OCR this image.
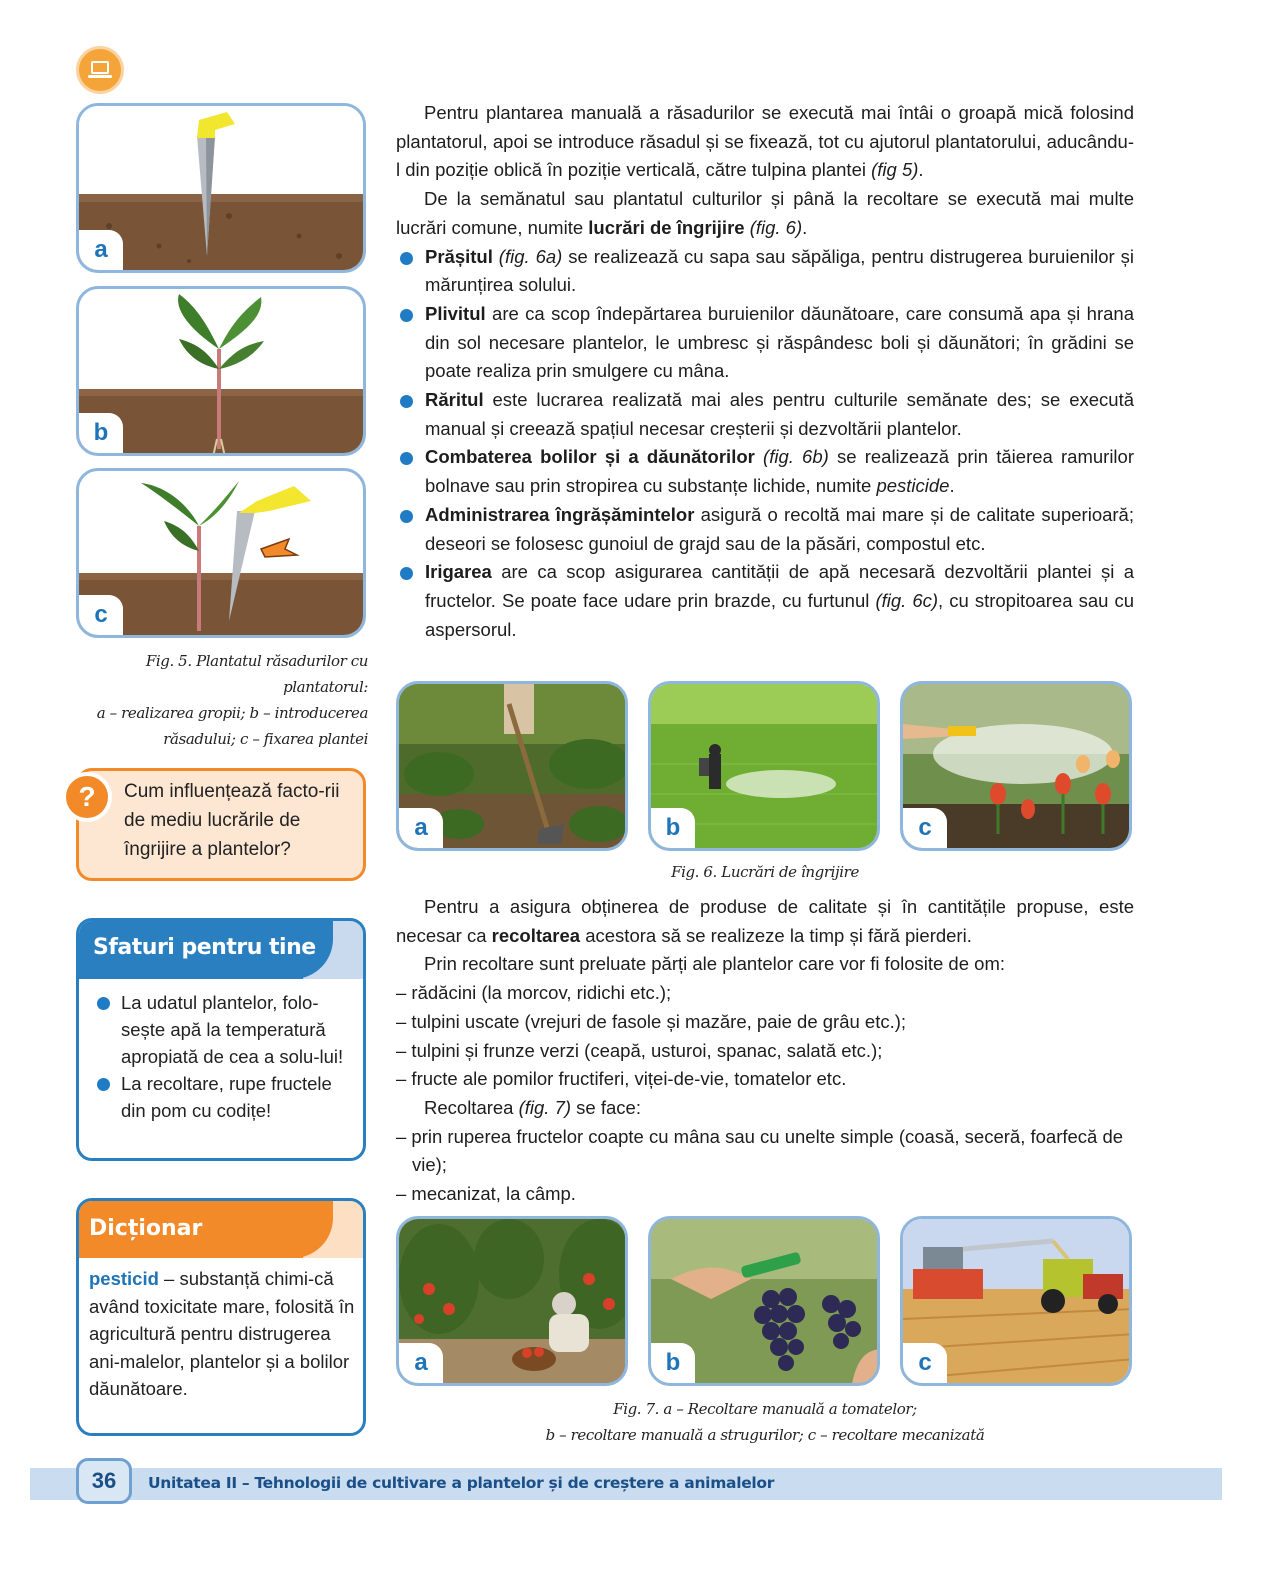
a
b
c
Fig. 5. Plantatul răsadurilor cu plantatorul:
a – realizarea gropii; b – introducerea
răsadului; c – fixarea plantei
?	Cum influențează facto-rii de mediu lucrările de îngrijire a plantelor?
Sfaturi pentru tine
La udatul plantelor, folo-sește apă la temperatură apropiată de cea a solu-lui!
La recoltare, rupe fructele din pom cu codițe!
Dicționar
pesticid – substanță chimi-că având toxicitate mare, folosită în agricultură pentru distrugerea ani-malelor, plantelor și a bolilor dăunătoare.

Pentru plantarea manuală a răsadurilor se execută mai întâi o groapă mică folosind plantatorul, apoi se introduce răsadul și se fixează, tot cu ajutorul plantatorului, aducându-l din poziție oblică în poziție verticală, către tulpina plantei (fig 5).

De la semănatul sau plantatul culturilor și până la recoltare se execută mai multe lucrări comune, numite lucrări de îngrijire (fig. 6).

Prășitul (fig. 6a) se realizează cu sapa sau săpăliga, pentru distrugerea buruienilor și mărunțirea solului.
Plivitul are ca scop îndepărtarea buruienilor dăunătoare, care consumă apa și hrana din sol necesare plantelor, le umbresc și răspândesc boli și dăunători; în grădini se poate realiza prin smulgere cu mâna.
Răritul este lucrarea realizată mai ales pentru culturile semănate des; se execută manual și creează spațiul necesar creșterii și dezvoltării plantelor.
Combaterea bolilor și a dăunătorilor (fig. 6b) se realizează prin tăierea ramurilor bolnave sau prin stropirea cu substanțe lichide, numite pesticide.
Administrarea îngrășămintelor asigură o recoltă mai mare și de calitate superioară; deseori se folosesc gunoiul de grajd sau de la păsări, compostul etc.
Irigarea are ca scop asigurarea cantității de apă necesară dezvoltării plantei și a fructelor. Se poate face udare prin brazde, cu furtunul (fig. 6c), cu stropitoarea sau cu aspersorul.
a	b	c
Fig. 6. Lucrări de îngrijire

Pentru a asigura obținerea de produse de calitate și în cantitățile propuse, este necesar ca recoltarea acestora să se realizeze la timp și fără pierderi.

Prin recoltare sunt preluate părți ale plantelor care vor fi folosite de om:

– rădăcini (la morcov, ridichi etc.);
– tulpini uscate (vrejuri de fasole și mazăre, paie de grâu etc.);
– tulpini și frunze verzi (ceapă, usturoi, spanac, salată etc.);
– fructe ale pomilor fructiferi, viței-de-vie, tomatelor etc.

Recoltarea (fig. 7) se face:

– prin ruperea fructelor coapte cu mâna sau cu unelte simple (coasă, seceră, foarfecă de vie);
– mecanizat, la câmp.
a	b	c
Fig. 7. a – Recoltare manuală a tomatelor;
b – recoltare manuală a strugurilor; c – recoltare mecanizată
36	Unitatea II – Tehnologii de cultivare a plantelor și de creștere a animalelor
